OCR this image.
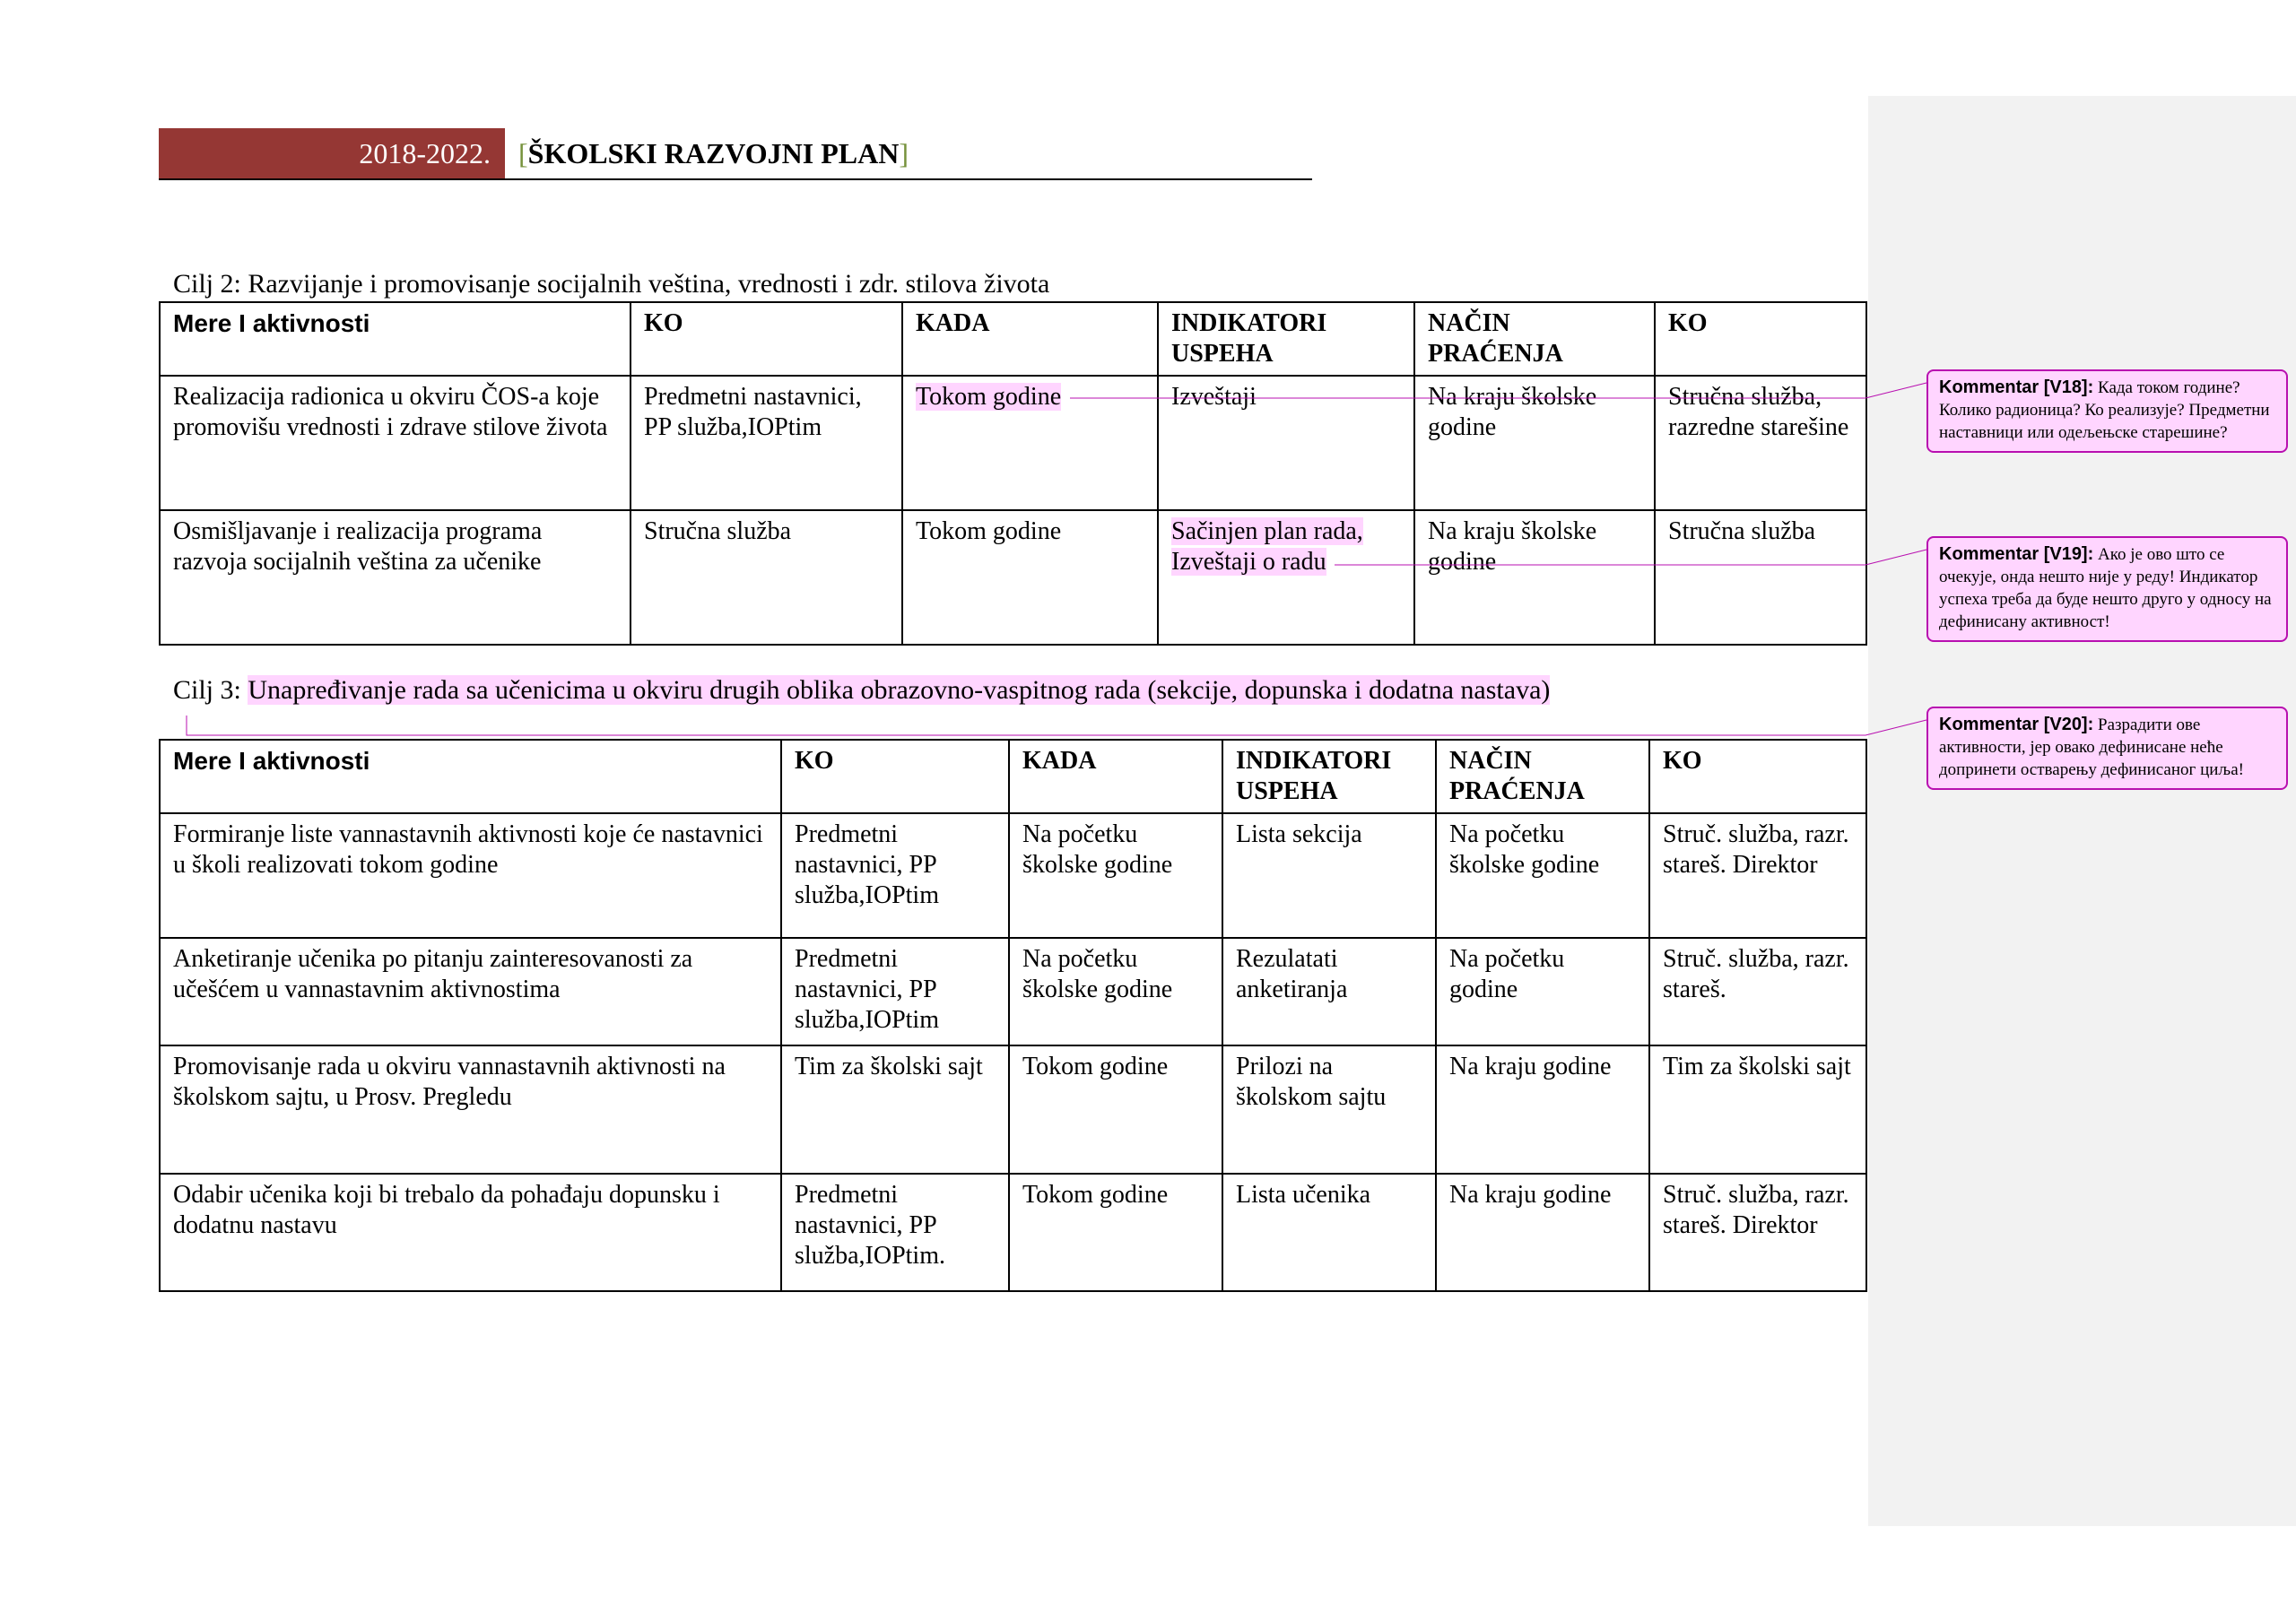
2018-2022. [ŠKOLSKI RAZVOJNI PLAN]
Cilj 2: Razvijanje i promovisanje socijalnih veština, vrednosti i zdr. stilova života
Mere I aktivnosti	KO	KADA	INDIKATORI USPEHA	NAČIN PRAĆENJA	KO
Realizacija radionica u okviru ČOS-a koje promovišu vrednosti i zdrave stilove života	Predmetni nastavnici, PP služba,IOPtim	Tokom godine	Izveštaji	Na kraju školske godine	Stručna služba, razredne starešine
Osmišljavanje i realizacija programa razvoja socijalnih veština za učenike	Stručna služba	Tokom godine	Sačinjen plan rada, Izveštaji o radu	Na kraju školske godine	Stručna služba
Cilj 3: Unapređivanje rada sa učenicima u okviru drugih oblika obrazovno-vaspitnog rada (sekcije, dopunska i dodatna nastava)
Mere I aktivnosti	KO	KADA	INDIKATORI USPEHA	NAČIN PRAĆENJA	KO
Formiranje liste vannastavnih aktivnosti koje će nastavnici u školi realizovati tokom godine	Predmetni nastavnici, PP služba,IOPtim	Na početku školske godine	Lista sekcija	Na početku školske godine	Struč. služba, razr. stareš. Direktor
Anketiranje učenika po pitanju zainteresovanosti za učešćem u vannastavnim aktivnostima	Predmetni nastavnici, PP služba,IOPtim	Na početku školske godine	Rezulatati anketiranja	Na početku godine	Struč. služba, razr. stareš.
Promovisanje rada u okviru vannastavnih aktivnosti na školskom sajtu, u Prosv. Pregledu	Tim za školski sajt	Tokom godine	Prilozi na školskom sajtu	Na kraju godine	Tim za školski sajt
Odabir učenika koji bi trebalo da pohađaju dopunsku i dodatnu nastavu	Predmetni nastavnici, PP služba,IOPtim.	Tokom godine	Lista učenika	Na kraju godine	Struč. služba, razr. stareš. Direktor
Kommentar [V18]: Када током године? Колико радионица? Ко реализује? Предметни наставници или одељењске старешине?
Kommentar [V19]: Ако је ово што се очекује, онда нешто није у реду! Индикатор успеха треба да буде нешто друго у односу на дефинисану активност!
Kommentar [V20]: Разрадити ове активности, јер овако дефинисане неће допринети остварењу дефинисаног циља!
